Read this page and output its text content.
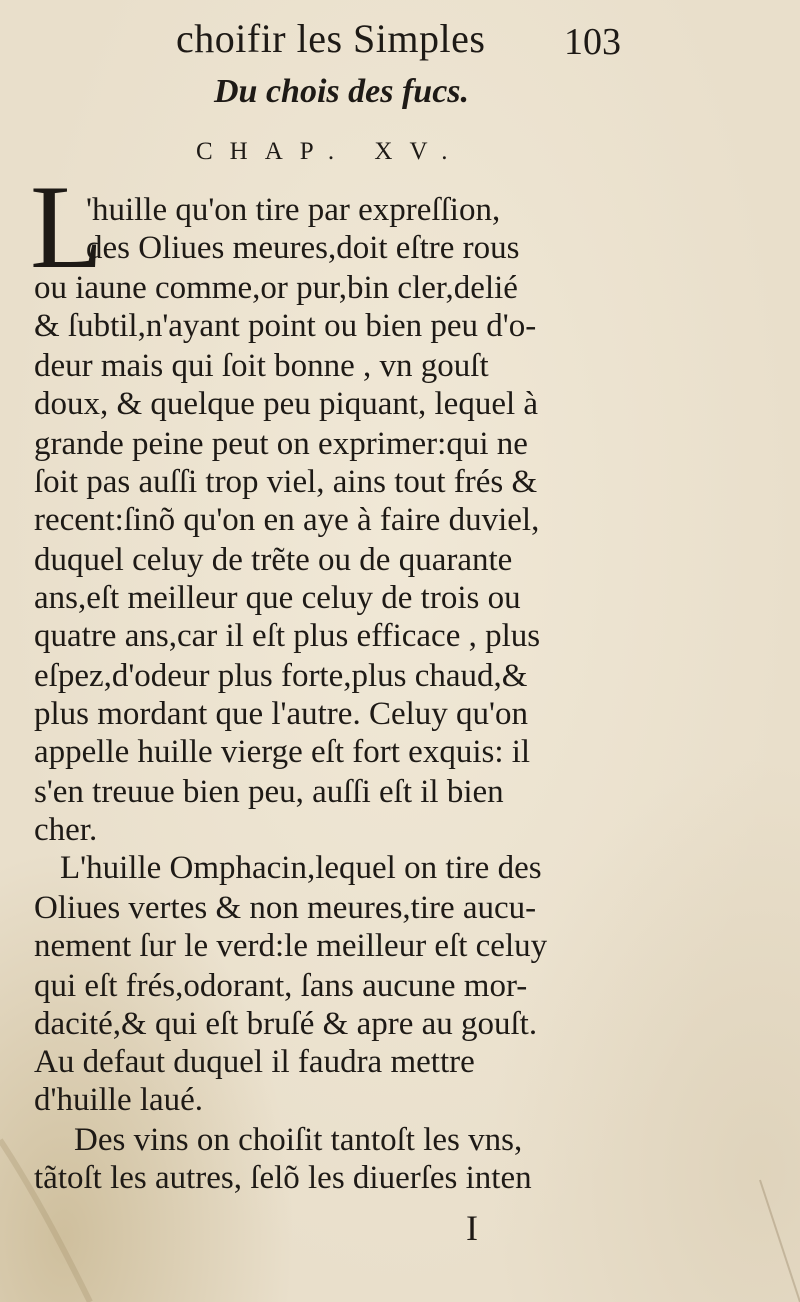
choifir les Simples 103
Du chois des fucs.
CHAP. XV.
L
'huille qu'on tire par expreſſion,
des Oliues meures,doit eſtre rous
ou iaune comme,or pur,bin cler,delié
& ſubtil,n'ayant point ou bien peu d'o-
deur mais qui ſoit bonne , vn gouſt
doux, & quelque peu piquant, lequel à
grande peine peut on exprimer:qui ne
ſoit pas auſſi trop viel, ains tout frés &
recent:ſinõ qu'on en aye à faire duviel,
duquel celuy de trẽte ou de quarante
ans,eſt meilleur que celuy de trois ou
quatre ans,car il eſt plus efficace , plus
eſpez,d'odeur plus forte,plus chaud,&
plus mordant que l'autre. Celuy qu'on
appelle huille vierge eſt fort exquis: il
s'en treuue bien peu, auſſi eſt il bien
cher.
L'huille Omphacin,lequel on tire des
Oliues vertes & non meures,tire aucu-
nement ſur le verd:le meilleur eſt celuy
qui eſt frés,odorant, ſans aucune mor-
dacité,& qui eſt bruſé & apre au gouſt.
Au defaut duquel il faudra mettre
d'huille laué.
Des vins on choiſit tantoſt les vns,
tãtoſt les autres, ſelõ les diuerſes inten
I
